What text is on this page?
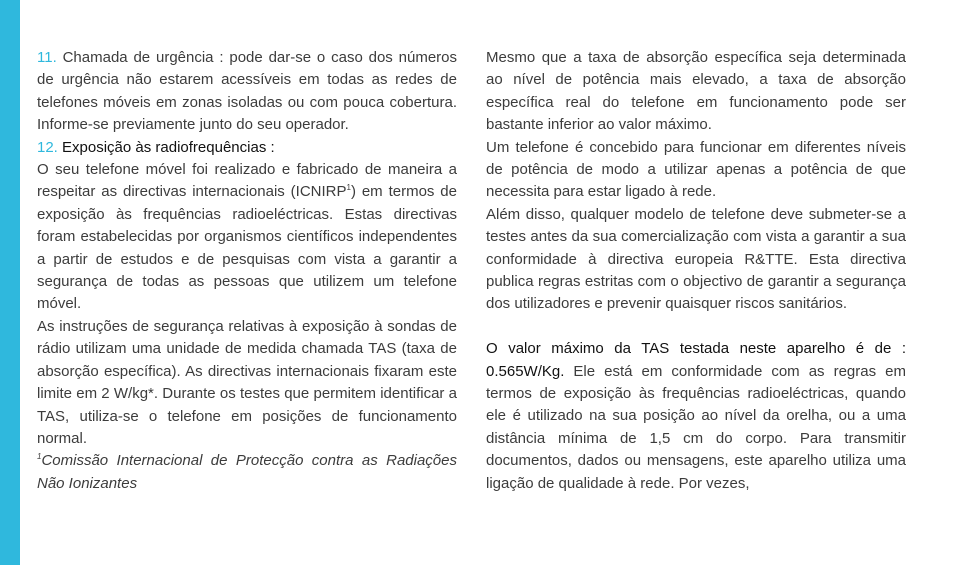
11. Chamada de urgência : pode dar-se o caso dos números de urgência não estarem acessíveis em todas as redes de telefones móveis em zonas isoladas ou com pouca cobertura. Informe-se previamente junto do seu operador.

12. Exposição às radiofrequências :

O seu telefone móvel foi realizado e fabricado de maneira a respeitar as directivas internacionais (ICNIRP$^1$) em termos de exposição às frequências radioeléctricas. Estas directivas foram estabelecidas por organismos científicos independentes a partir de estudos e de pesquisas com vista a garantir a segurança de todas as pessoas que utilizem um telefone móvel.

As instruções de segurança relativas à exposição à sondas de rádio utilizam uma unidade de medida chamada TAS (taxa de absorção específica). As directivas internacionais fixaram este limite em 2 W/kg*. Durante os testes que permitem identificar a TAS, utiliza-se o telefone em posições de funcionamento normal.

$^1$Comissão Internacional de Protecção contra as Radiações Não Ionizantes

Mesmo que a taxa de absorção específica seja determinada ao nível de potência mais elevado, a taxa de absorção específica real do telefone em funcionamento pode ser bastante inferior ao valor máximo.

Um telefone é concebido para funcionar em diferentes níveis de potência de modo a utilizar apenas a potência de que necessita para estar ligado à rede.

Além disso, qualquer modelo de telefone deve submeter-se a testes antes da sua comercialização com vista a garantir a sua conformidade à directiva europeia R&TTE. Esta directiva publica regras estritas com o objectivo de garantir a segurança dos utilizadores e prevenir quaisquer riscos sanitários.

O valor máximo da TAS testada neste aparelho é de : 0.565W/Kg. Ele está em conformidade com as regras em termos de exposição às frequências radioeléctricas, quando ele é utilizado na sua posição ao nível da orelha, ou a uma distância mínima de 1,5 cm do corpo. Para transmitir documentos, dados ou mensagens, este aparelho utiliza uma ligação de qualidade à rede. Por vezes,
